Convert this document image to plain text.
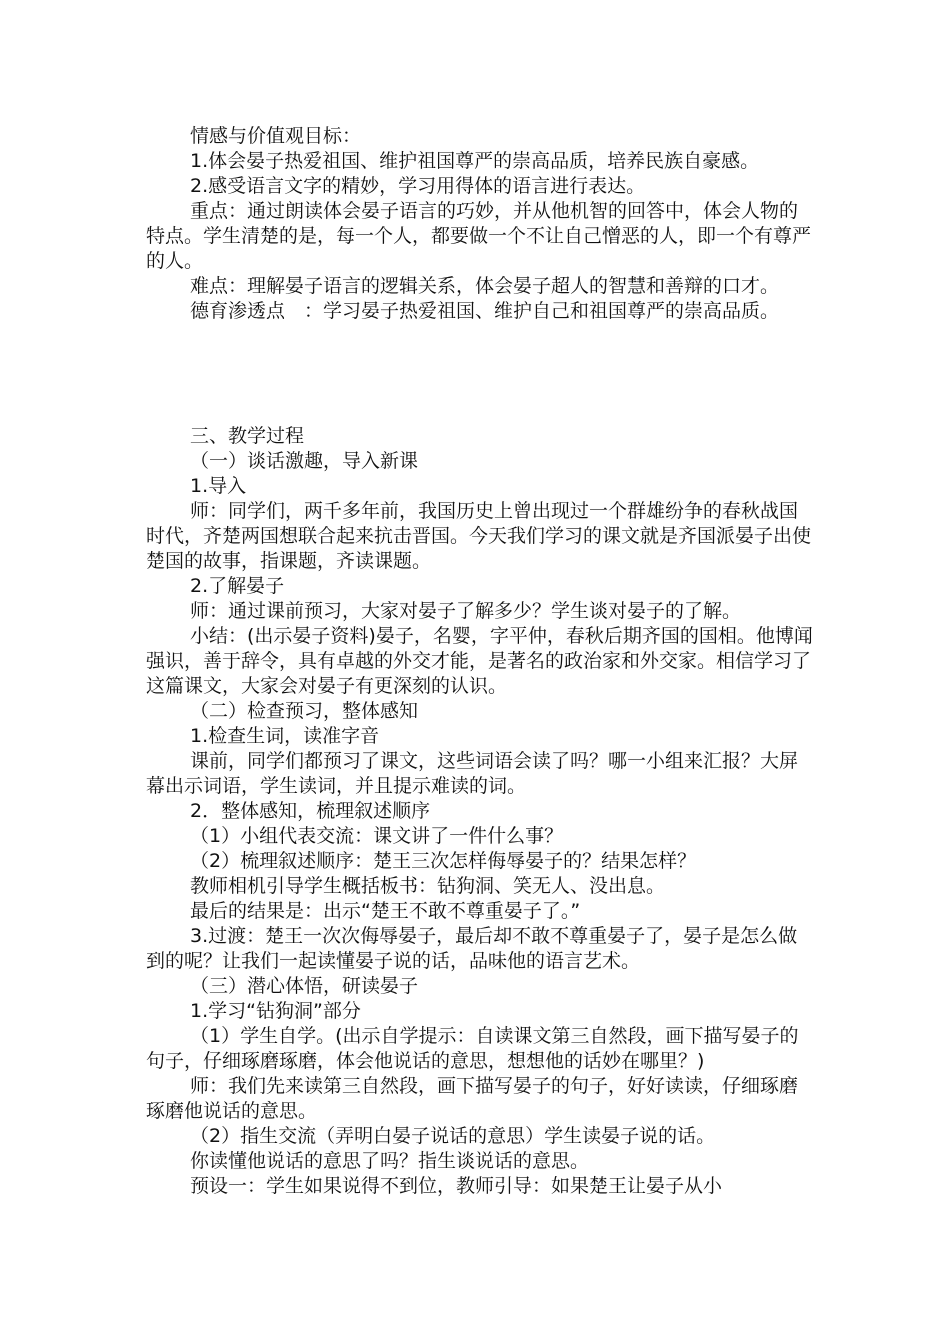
情感与价值观目标：

1.体会晏子热爱祖国、维护祖国尊严的崇高品质，培养民族自豪感。

2.感受语言文字的精妙，学习用得体的语言进行表达。

重点：通过朗读体会晏子语言的巧妙，并从他机智的回答中，体会人物的特点。学生清楚的是，每一个人，都要做一个不让自己憎恶的人，即一个有尊严的人。

难点：理解晏子语言的逻辑关系，体会晏子超人的智慧和善辩的口才。

德育渗透点　：学习晏子热爱祖国、维护自己和祖国尊严的崇高品质。

三、教学过程

（一）谈话激趣，导入新课

1.导入

师：同学们，两千多年前，我国历史上曾出现过一个群雄纷争的春秋战国时代，齐楚两国想联合起来抗击晋国。今天我们学习的课文就是齐国派晏子出使楚国的故事，指课题，齐读课题。

2.了解晏子

师：通过课前预习，大家对晏子了解多少？学生谈对晏子的了解。

小结：(出示晏子资料)晏子，名婴，字平仲，春秋后期齐国的国相。他博闻强识，善于辞令，具有卓越的外交才能，是著名的政治家和外交家。相信学习了这篇课文，大家会对晏子有更深刻的认识。

（二）检查预习，整体感知

1.检查生词，读准字音

课前，同学们都预习了课文，这些词语会读了吗？哪一小组来汇报？大屏幕出示词语，学生读词，并且提示难读的词。

2．整体感知，梳理叙述顺序

（1）小组代表交流：课文讲了一件什么事？

（2）梳理叙述顺序：楚王三次怎样侮辱晏子的？结果怎样？

教师相机引导学生概括板书：钻狗洞、笑无人、没出息。

最后的结果是：出示“楚王不敢不尊重晏子了。”

3.过渡：楚王一次次侮辱晏子，最后却不敢不尊重晏子了，晏子是怎么做到的呢？让我们一起读懂晏子说的话，品味他的语言艺术。

（三）潜心体悟，研读晏子

1.学习“钻狗洞”部分

（1）学生自学。(出示自学提示：自读课文第三自然段，画下描写晏子的句子，仔细琢磨琢磨，体会他说话的意思，想想他的话妙在哪里？)

师：我们先来读第三自然段，画下描写晏子的句子，好好读读，仔细琢磨琢磨他说话的意思。

（2）指生交流（弄明白晏子说话的意思）学生读晏子说的话。

你读懂他说话的意思了吗？指生谈说话的意思。

预设一：学生如果说得不到位，教师引导：如果楚王让晏子从小
